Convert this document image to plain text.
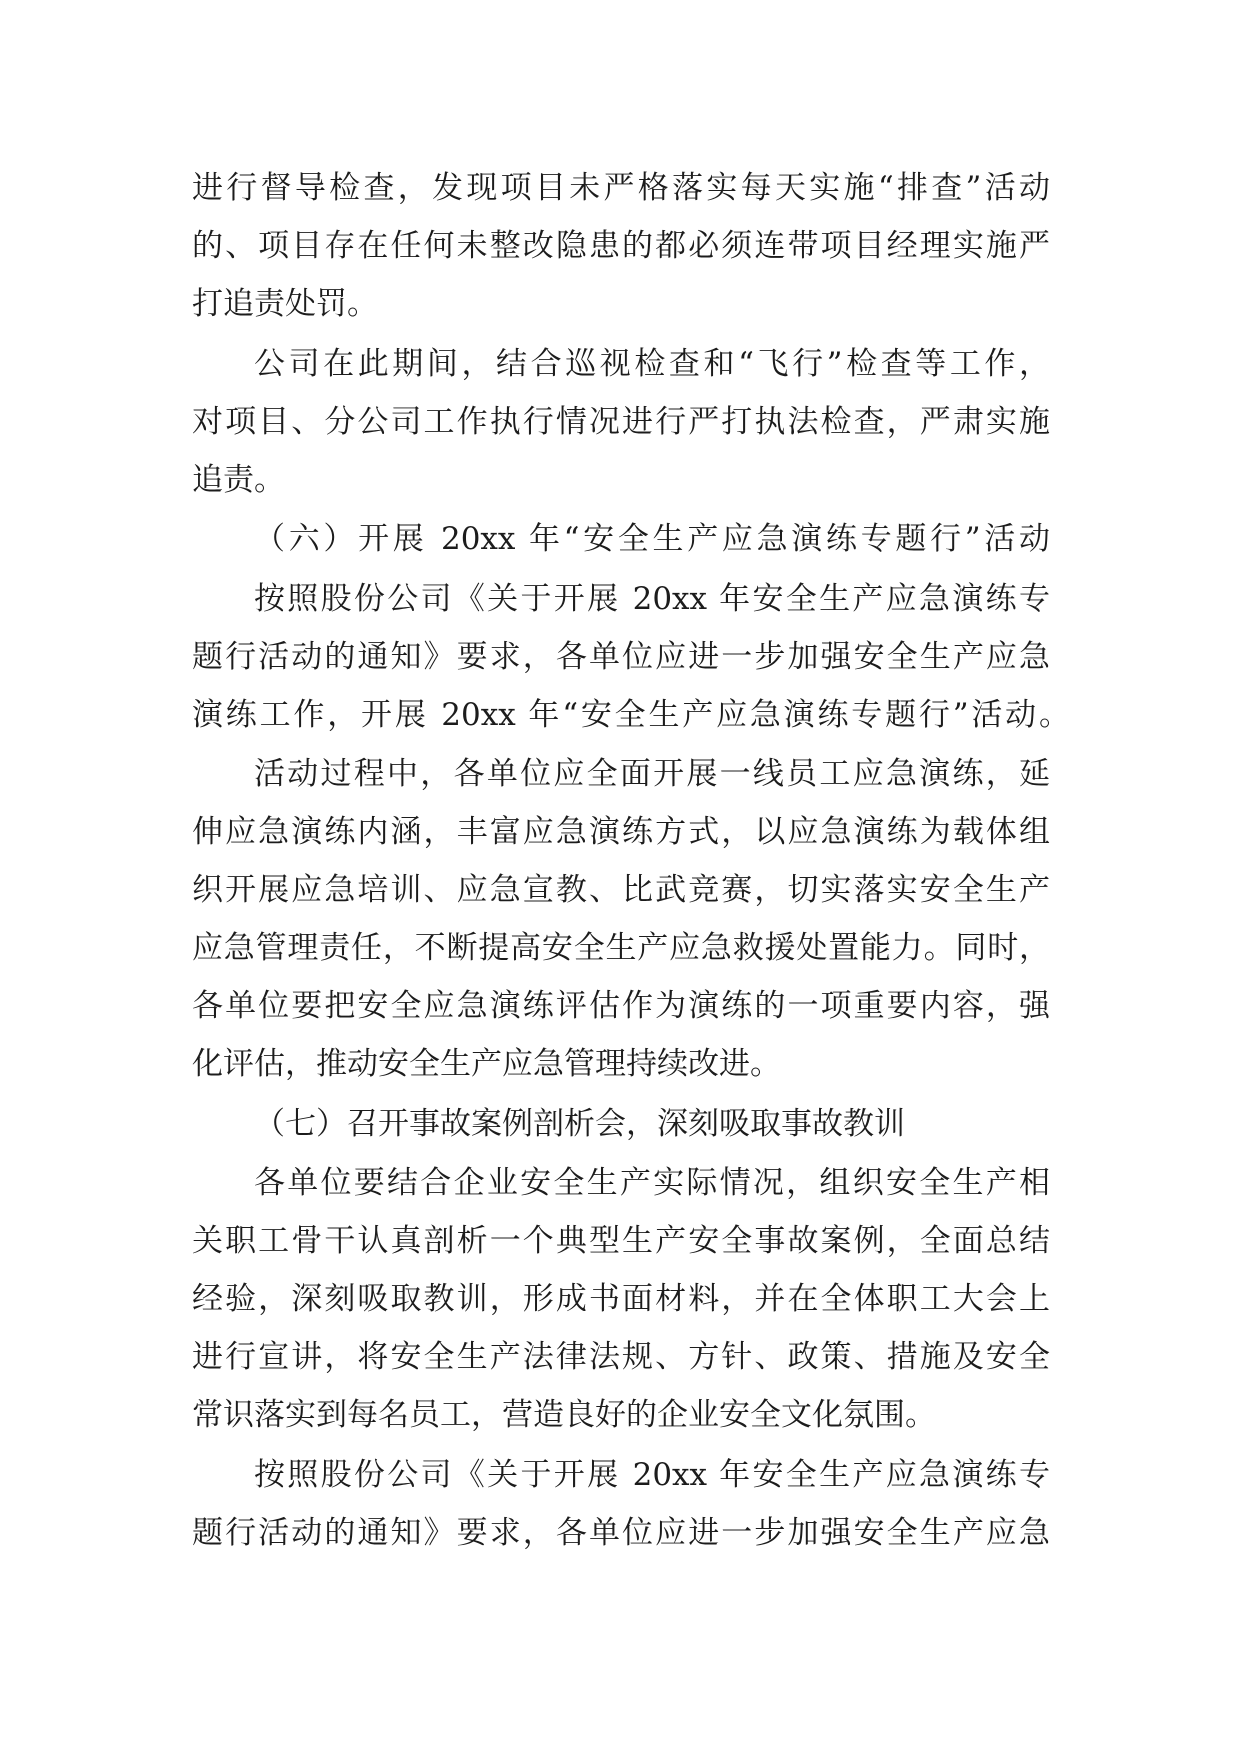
进行督导检查，发现项目未严格落实每天实施“排查”活动
的、项目存在任何未整改隐患的都必须连带项目经理实施严
打追责处罚。
公司在此期间，结合巡视检查和“飞行”检查等工作，
对项目、分公司工作执行情况进行严打执法检查，严肃实施
追责。
（六）开展 20xx 年“安全生产应急演练专题行”活动
按照股份公司《关于开展 20xx 年安全生产应急演练专
题行活动的通知》要求，各单位应进一步加强安全生产应急
演练工作，开展 20xx 年“安全生产应急演练专题行”活动。
活动过程中，各单位应全面开展一线员工应急演练，延
伸应急演练内涵，丰富应急演练方式，以应急演练为载体组
织开展应急培训、应急宣教、比武竞赛，切实落实安全生产
应急管理责任，不断提高安全生产应急救援处置能力。同时，
各单位要把安全应急演练评估作为演练的一项重要内容，强
化评估，推动安全生产应急管理持续改进。
（七）召开事故案例剖析会，深刻吸取事故教训
各单位要结合企业安全生产实际情况，组织安全生产相
关职工骨干认真剖析一个典型生产安全事故案例，全面总结
经验，深刻吸取教训，形成书面材料，并在全体职工大会上
进行宣讲，将安全生产法律法规、方针、政策、措施及安全
常识落实到每名员工，营造良好的企业安全文化氛围。
按照股份公司《关于开展 20xx 年安全生产应急演练专
题行活动的通知》要求，各单位应进一步加强安全生产应急
